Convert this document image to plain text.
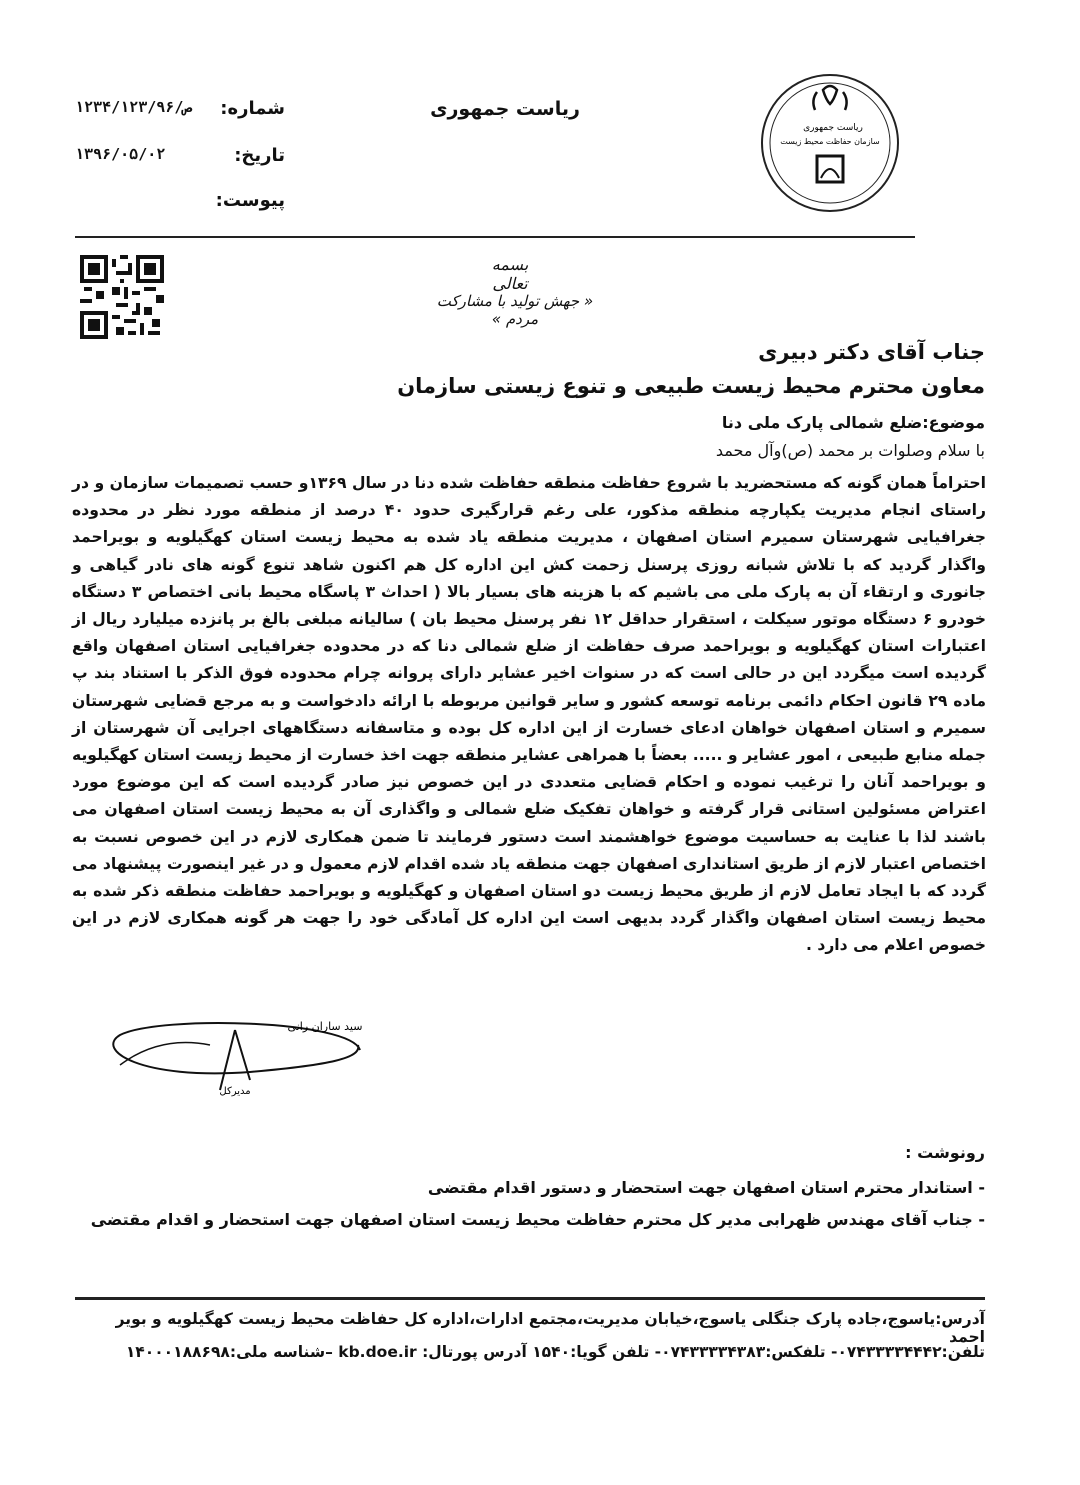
ریاست جمهوری
سازمان حفاظت محیط زیست
ریاست جمهوری
شماره:
ص/۱۲۳۴/۱۲۳/۹۶
تاریخ:
۱۳۹۶/۰۵/۰۲
پیوست:
بسمه تعالی
« جهش تولید با مشارکت مردم »
جناب آقای دکتر دبیری
معاون محترم محیط زیست طبیعی و تنوع زیستی سازمان
موضوع:ضلع شمالی پارک ملی دنا
با سلام وصلوات بر محمد (ص)وآل محمد
احتراماً همان گونه که مستحضرید با شروع حفاظت منطقه حفاظت شده دنا در سال ۱۳۶۹و حسب تصمیمات سازمان و در راستای انجام مدیریت یکپارچه منطقه مذکور، علی رغم قرارگیری حدود ۴۰ درصد از منطقه مورد نظر در محدوده جغرافیایی شهرستان سمیرم استان اصفهان ، مدیریت منطقه یاد شده به محیط زیست استان کهگیلویه و بویراحمد واگذار گردید که با تلاش شبانه روزی پرسنل زحمت کش این اداره کل هم اکنون شاهد تنوع گونه های نادر گیاهی و جانوری و ارتقاء آن به پارک ملی می باشیم که با هزینه های بسیار بالا ( احداث ۳ پاسگاه محیط بانی اختصاص ۳ دستگاه خودرو ۶ دستگاه موتور سیکلت ، استقرار حداقل ۱۲ نفر پرسنل محیط بان ) سالیانه مبلغی بالغ بر پانزده میلیارد ریال از اعتبارات استان کهگیلویه و بویراحمد صرف حفاظت از ضلع شمالی دنا که در محدوده جغرافیایی استان اصفهان واقع گردیده است میگردد این در حالی است که در سنوات اخیر عشایر دارای پروانه چرام محدوده فوق الذکر با استناد بند پ ماده ۲۹ قانون احکام دائمی برنامه توسعه کشور و سایر قوانین مربوطه با ارائه دادخواست و به مرجع قضایی شهرستان سمیرم و استان اصفهان خواهان ادعای خسارت از این اداره کل بوده و متاسفانه دستگاههای اجرایی آن شهرستان از جمله منابع طبیعی ، امور عشایر و ..... بعضاً با همراهی عشایر منطقه جهت اخذ خسارت از محیط زیست استان کهگیلویه و بویراحمد آنان را ترغیب نموده و احکام قضایی متعددی در این خصوص نیز صادر گردیده است که این موضوع مورد اعتراض مسئولین استانی قرار گرفته و خواهان تفکیک ضلع شمالی و واگذاری آن به محیط زیست استان اصفهان می باشند لذا با عنایت به حساسیت موضوع خواهشمند است دستور فرمایند تا ضمن همکاری لازم در این خصوص نسبت به اختصاص اعتبار لازم از طریق استانداری اصفهان جهت منطقه یاد شده اقدام لازم معمول و در غیر اینصورت پیشنهاد می گردد که با ایجاد تعامل لازم از طریق محیط زیست دو استان اصفهان و کهگیلویه و بویراحمد حفاظت منطقه ذکر شده به محیط زیست استان اصفهان واگذار گردد بدیهی است این اداره کل آمادگی خود را جهت هر گونه همکاری لازم در این خصوص اعلام می دارد .
سید ساران رانی
مدیرکل
رونوشت :
- استاندار محترم استان اصفهان جهت استحضار و دستور اقدام مقتضی
- جناب آقای مهندس ظهرابی مدیر کل محترم حفاظت محیط زیست استان اصفهان جهت استحضار و اقدام مقتضی
آدرس:یاسوج،جاده پارک جنگلی یاسوج،خیابان مدیریت،مجتمع ادارات،اداره کل حفاظت محیط زیست کهگیلویه و بویر احمد
تلفن:۰۷۴۳۳۳۳۴۴۴۲- تلفکس:۰۷۴۳۳۳۳۴۳۸۳- تلفن گویا:۱۵۴۰ آدرس پورتال: kb.doe.ir –شناسه ملی:۱۴۰۰۰۱۸۸۶۹۸
